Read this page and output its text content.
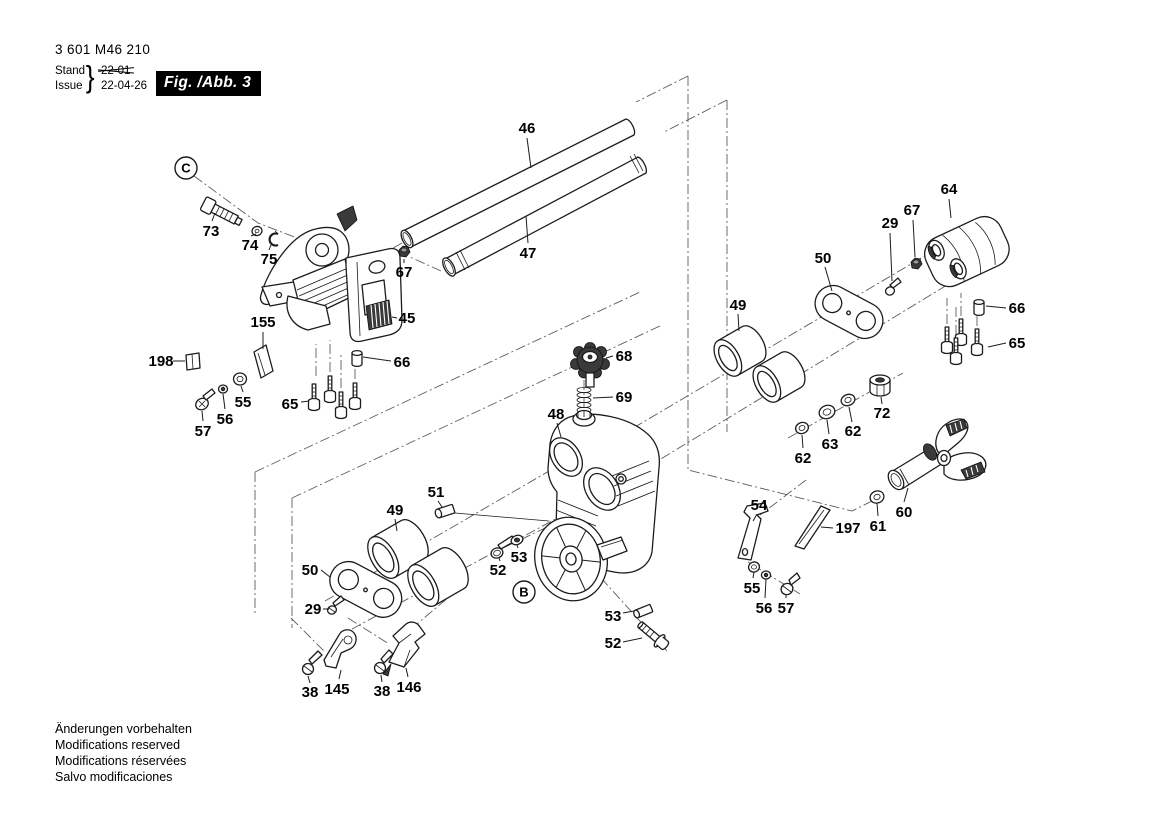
3 601 M46 210
Stand
Issue } 22-01
22-04-26	Fig. /Abb. 3
46
47
73
74
75
67
45
155
198
57
56
55 65
66
64
67
29
50
66
65
49
68
69
48	72
62
63
62
51
49
50
29
52
53
54
197
55
56 57
61
60
53
52
38 145 38 146
C
B
Änderungen vorbehalten
Modifications reserved
Modifications réservées
Salvo modificaciones
